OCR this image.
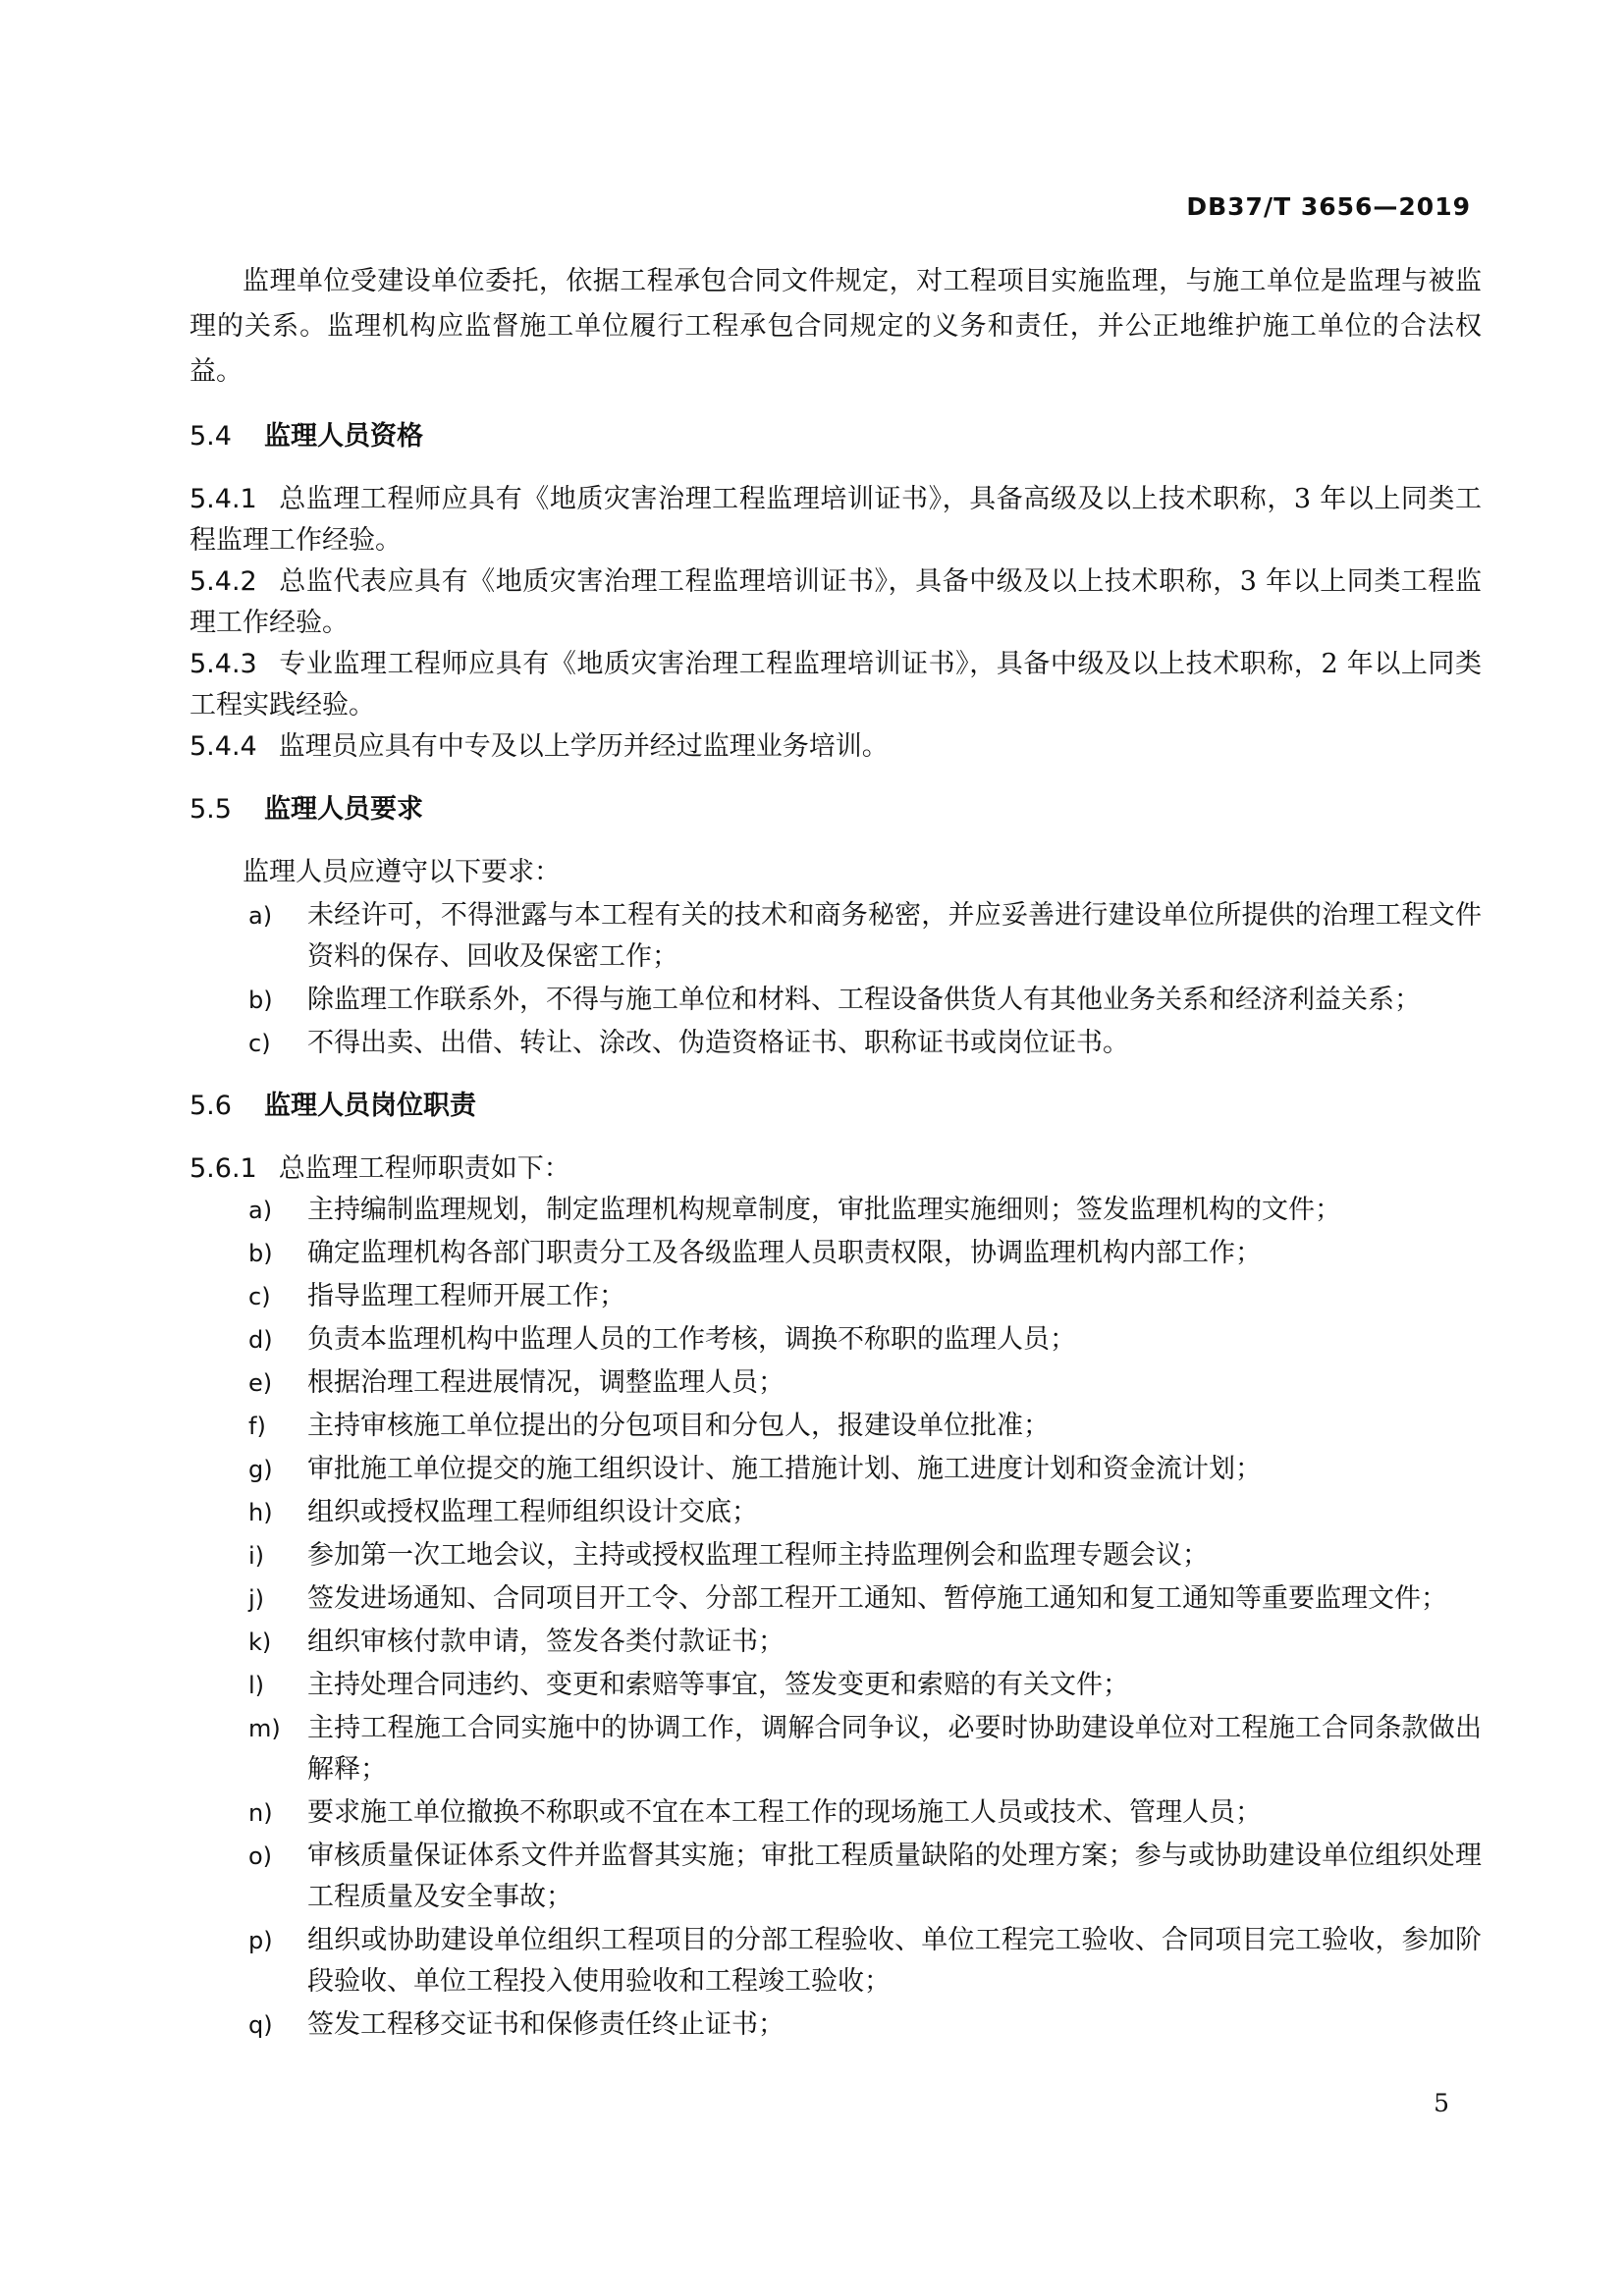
DB37/T 3656—2019

监理单位受建设单位委托，依据工程承包合同文件规定，对工程项目实施监理，与施工单位是监理与被监理的关系。监理机构应监督施工单位履行工程承包合同规定的义务和责任，并公正地维护施工单位的合法权益。

5.4 监理人员资格

5.4.1 总监理工程师应具有《地质灾害治理工程监理培训证书》，具备高级及以上技术职称，3 年以上同类工程监理工作经验。

5.4.2 总监代表应具有《地质灾害治理工程监理培训证书》，具备中级及以上技术职称，3 年以上同类工程监理工作经验。

5.4.3 专业监理工程师应具有《地质灾害治理工程监理培训证书》，具备中级及以上技术职称，2 年以上同类工程实践经验。

5.4.4 监理员应具有中专及以上学历并经过监理业务培训。

5.5 监理人员要求

监理人员应遵守以下要求：

a)	未经许可，不得泄露与本工程有关的技术和商务秘密，并应妥善进行建设单位所提供的治理工程文件资料的保存、回收及保密工作；
b)	除监理工作联系外，不得与施工单位和材料、工程设备供货人有其他业务关系和经济利益关系；
c)	不得出卖、出借、转让、涂改、伪造资格证书、职称证书或岗位证书。
5.6 监理人员岗位职责

5.6.1 总监理工程师职责如下：

a)	主持编制监理规划，制定监理机构规章制度，审批监理实施细则；签发监理机构的文件；
b)	确定监理机构各部门职责分工及各级监理人员职责权限，协调监理机构内部工作；
c)	指导监理工程师开展工作；
d)	负责本监理机构中监理人员的工作考核，调换不称职的监理人员；
e)	根据治理工程进展情况，调整监理人员；
f)	主持审核施工单位提出的分包项目和分包人，报建设单位批准；
g)	审批施工单位提交的施工组织设计、施工措施计划、施工进度计划和资金流计划；
h)	组织或授权监理工程师组织设计交底；
i)	参加第一次工地会议，主持或授权监理工程师主持监理例会和监理专题会议；
j)	签发进场通知、合同项目开工令、分部工程开工通知、暂停施工通知和复工通知等重要监理文件；
k)	组织审核付款申请，签发各类付款证书；
l)	主持处理合同违约、变更和索赔等事宜，签发变更和索赔的有关文件；
m)	主持工程施工合同实施中的协调工作，调解合同争议，必要时协助建设单位对工程施工合同条款做出解释；
n)	要求施工单位撤换不称职或不宜在本工程工作的现场施工人员或技术、管理人员；
o)	审核质量保证体系文件并监督其实施；审批工程质量缺陷的处理方案；参与或协助建设单位组织处理工程质量及安全事故；
p)	组织或协助建设单位组织工程项目的分部工程验收、单位工程完工验收、合同项目完工验收，参加阶段验收、单位工程投入使用验收和工程竣工验收；
q)	签发工程移交证书和保修责任终止证书；
5
